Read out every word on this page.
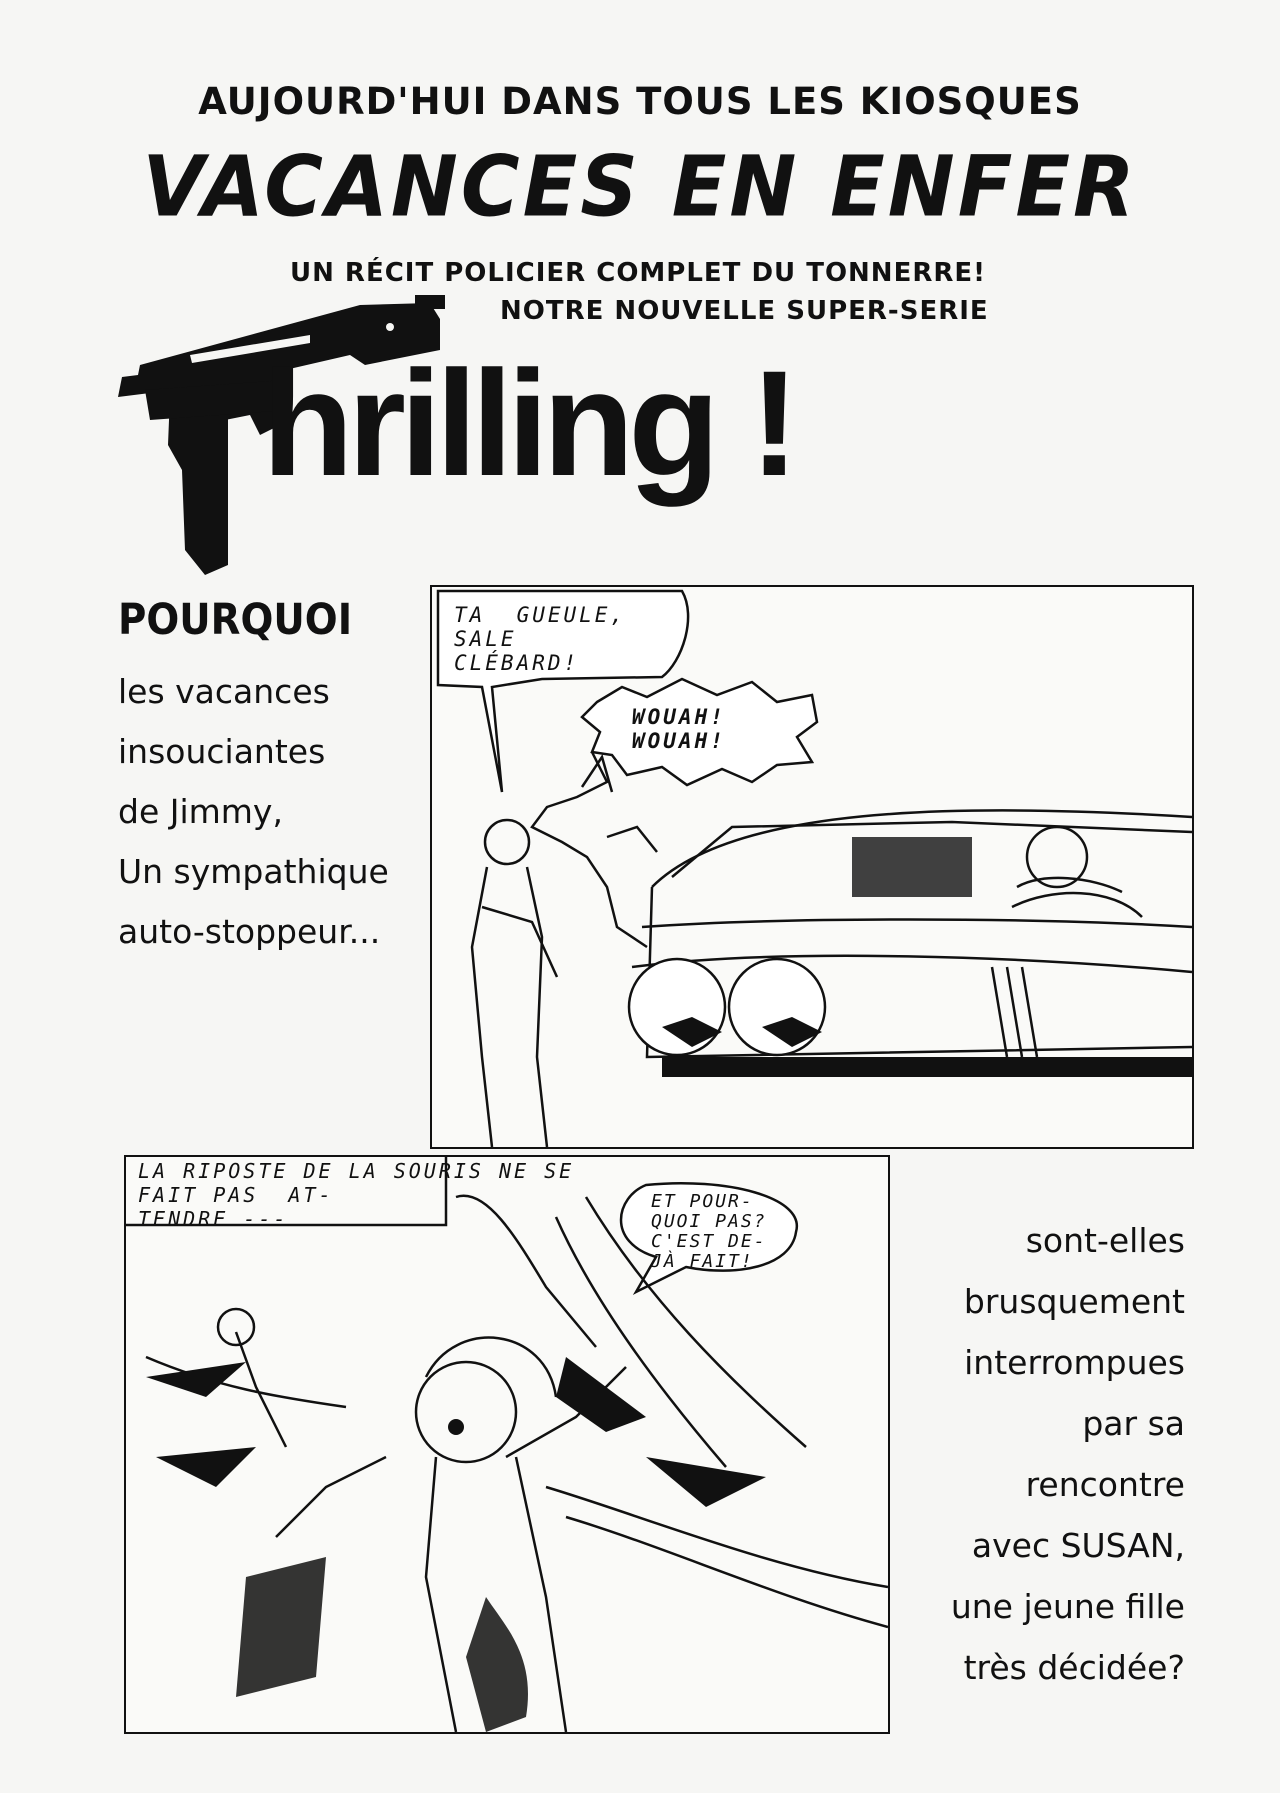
AUJOURD'HUI DANS TOUS LES KIOSQUES
VACANCES EN ENFER
UN RÉCIT POLICIER COMPLET DU TONNERRE!
NOTRE NOUVELLE SUPER-SERIE
hrilling !
POURQUOI
les vacances
insouciantes
de Jimmy,
Un sympathique
auto-stoppeur...
TA  GUEULE,
SALE
CLÉBARD!
WOUAH!
WOUAH!
LA RIPOSTE DE LA SOURIS NE SE
FAIT PAS  AT-
TENDRE ---
ET POUR-
QUOI PAS?
C'EST DE-
JÀ FAIT!
sont-elles
brusquement
interrompues
par sa
rencontre
avec SUSAN,
une jeune fille
très décidée?
